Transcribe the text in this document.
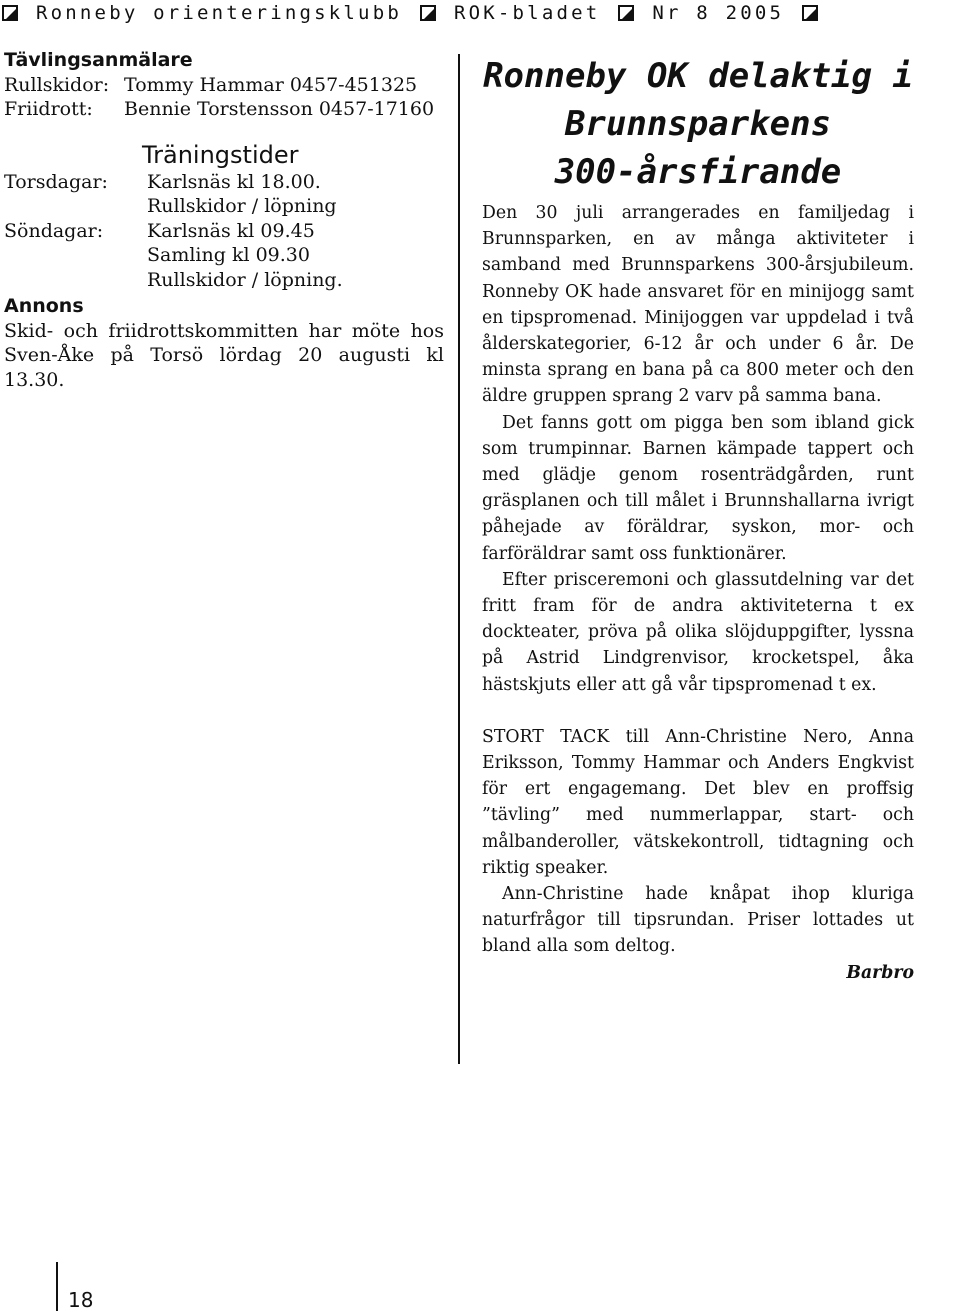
Ronneby orienteringsklubb	ROK-bladet	Nr 8 2005
Tävlingsanmälare
Rullskidor: Tommy Hammar 0457-451325
Friidrott:	Bennie Torstensson 0457-17160
Träningstider
Torsdagar:	Karlsnäs kl 18.00.
Rullskidor / löpning
Söndagar:	Karlsnäs kl 09.45
Samling kl 09.30
Rullskidor / löpning.
Annons
Skid- och friidrottskommitten har möte hos Sven-Åke på Torsö lördag 20 augusti kl 13.30.
Ronneby OK delaktig i
Brunnsparkens
300-årsfirande

Den 30 juli arrangerades en familjedag i Brunnsparken, en av många aktiviteter i samband med Brunnsparkens 300-årsjubileum. Ronneby OK hade ansvaret för en minijogg samt en tipspromenad. Minijoggen var uppdelad i två ålderskategorier, 6-12 år och under 6 år. De minsta sprang en bana på ca 800 meter och den äldre gruppen sprang 2 varv på samma bana.

Det fanns gott om pigga ben som ibland gick som trumpinnar. Barnen kämpade tappert och med glädje genom rosenträdgården, runt gräsplanen och till målet i Brunnshallarna ivrigt påhejade av föräldrar, syskon, mor- och farföräldrar samt oss funktionärer.

Efter prisceremoni och glassutdelning var det fritt fram för de andra aktiviteterna t ex dockteater, pröva på olika slöjduppgifter, lyssna på Astrid Lindgrenvisor, krocketspel, åka hästskjuts eller att gå vår tipspromenad t ex.

STORT TACK till Ann-Christine Nero, Anna Eriksson, Tommy Hammar och Anders Engkvist för ert engagemang. Det blev en proffsig ”tävling” med nummerlappar, start- och målbanderoller, vätskekontroll, tidtagning och riktig speaker.

Ann-Christine hade knåpat ihop kluriga naturfrågor till tipsrundan. Priser lottades ut bland alla som deltog.

Barbro

18
